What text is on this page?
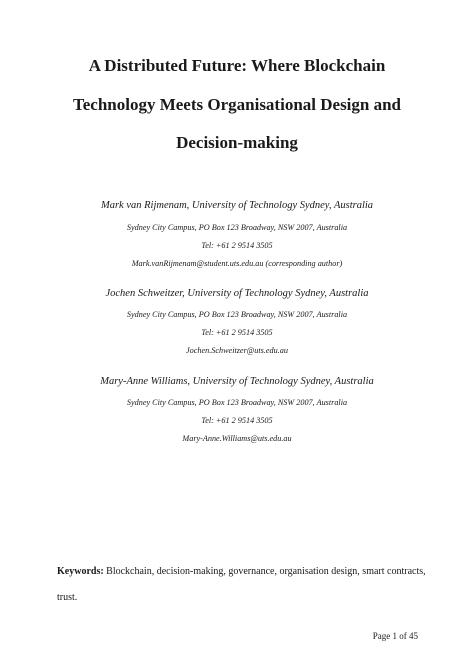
A Distributed Future: Where Blockchain
Technology Meets Organisational Design and
Decision-making
Mark van Rijmenam, University of Technology Sydney, Australia
Sydney City Campus, PO Box 123 Broadway, NSW 2007, Australia
Tel: +61 2 9514 3505
Mark.vanRijmenam@student.uts.edu.au (corresponding author)
Jochen Schweitzer, University of Technology Sydney, Australia
Sydney City Campus, PO Box 123 Broadway, NSW 2007, Australia
Tel: +61 2 9514 3505
Jochen.Schweitzer@uts.edu.au
Mary-Anne Williams, University of Technology Sydney, Australia
Sydney City Campus, PO Box 123 Broadway, NSW 2007, Australia
Tel: +61 2 9514 3505
Mary-Anne.Williams@uts.edu.au
Keywords: Blockchain, decision-making, governance, organisation design, smart contracts, trust.
Page 1 of 45
